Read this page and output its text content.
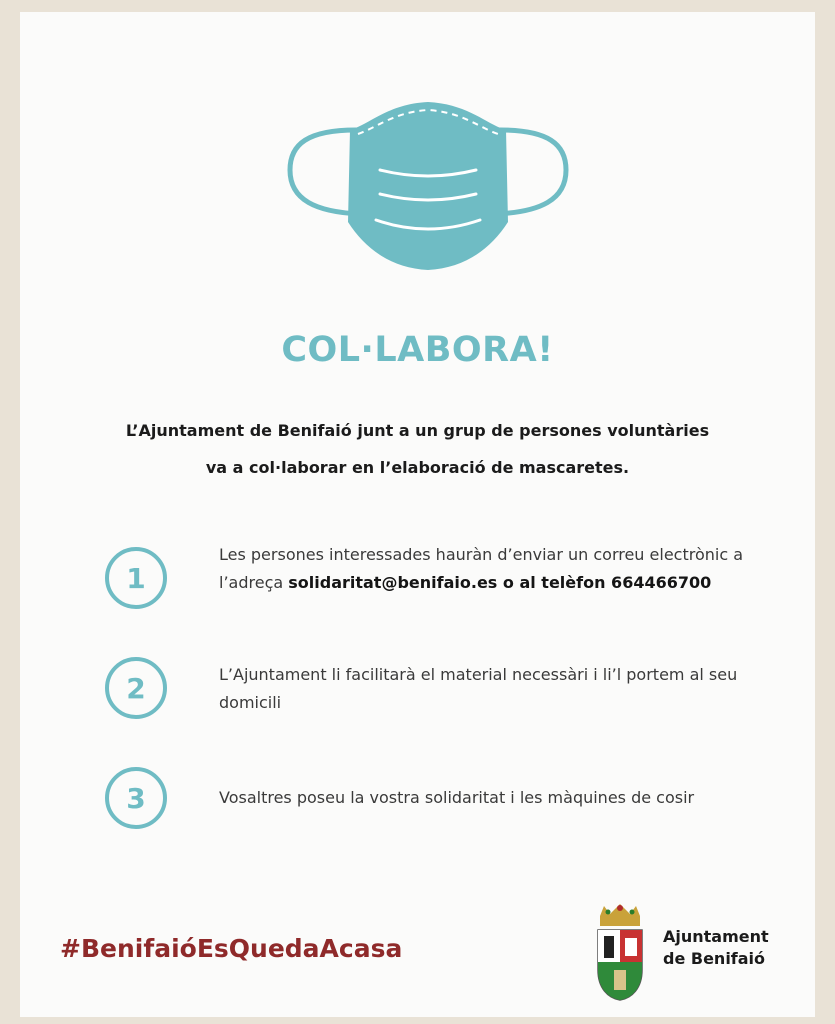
COL·LABORA!
L’Ajuntament de Benifaió junt a un grup de persones voluntàries
va a col·laborar en l’elaboració de mascaretes.
1
Les persones interessades hauràn d’enviar un correu electrònic a l’adreça solidaritat@benifaio.es o al telèfon 664466700
2	L’Ajuntament li facilitarà el material necessàri i li’l portem al seu domicili
3	Vosaltres poseu la vostra solidaritat i les màquines de cosir
#BenifaióEsQuedaAcasa	Ajuntament
de Benifaió
